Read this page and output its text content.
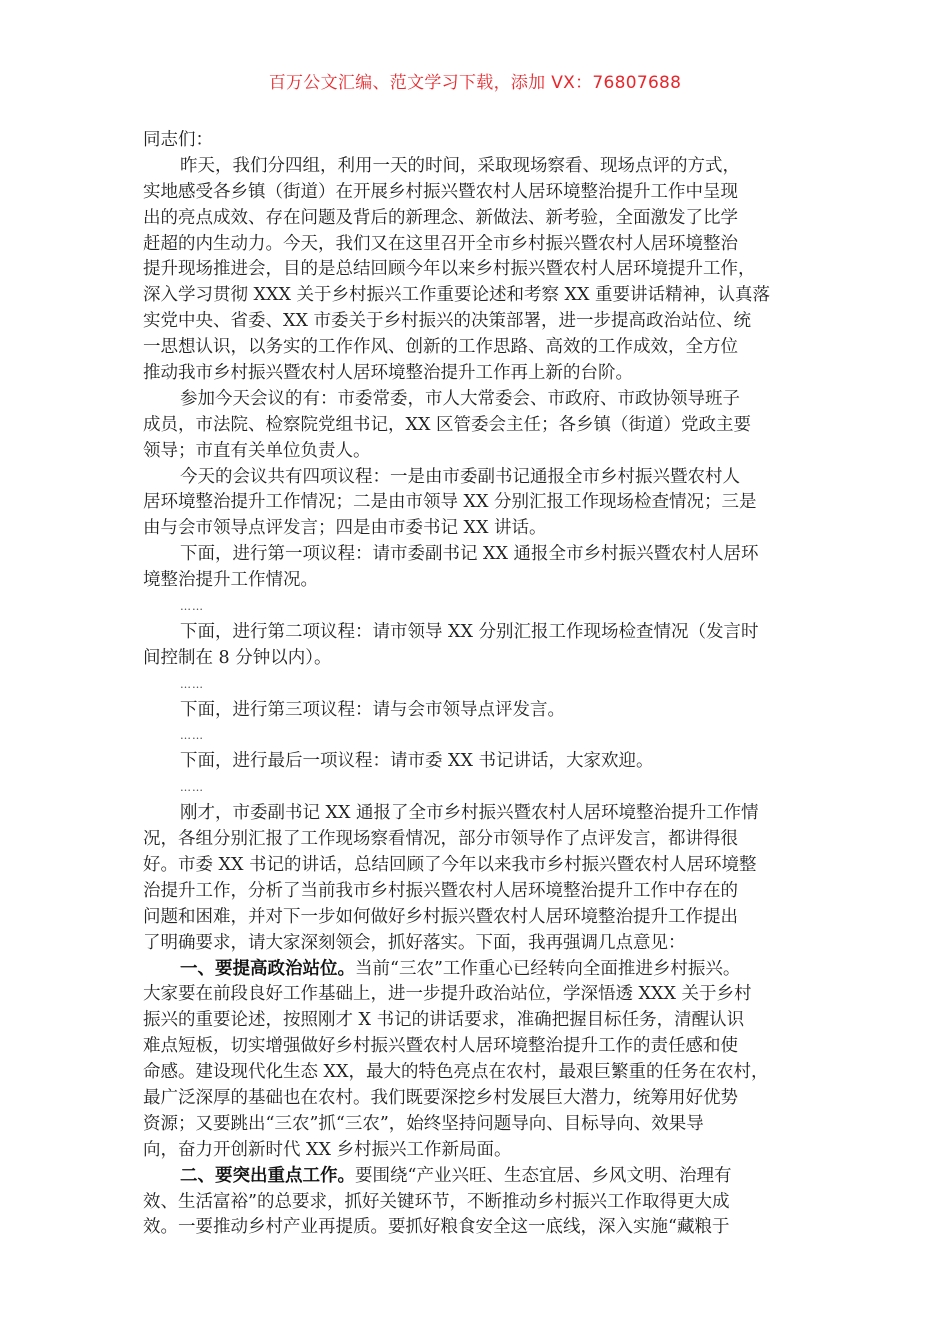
百万公文汇编、范文学习下载，添加 VX：76807688
同志们：
昨天，我们分四组，利用一天的时间，采取现场察看、现场点评的方式，
实地感受各乡镇（街道）在开展乡村振兴暨农村人居环境整治提升工作中呈现
出的亮点成效、存在问题及背后的新理念、新做法、新考验，全面激发了比学
赶超的内生动力。今天，我们又在这里召开全市乡村振兴暨农村人居环境整治
提升现场推进会，目的是总结回顾今年以来乡村振兴暨农村人居环境提升工作，
深入学习贯彻 XXX 关于乡村振兴工作重要论述和考察 XX 重要讲话精神，认真落
实党中央、省委、XX 市委关于乡村振兴的决策部署，进一步提高政治站位、统
一思想认识，以务实的工作作风、创新的工作思路、高效的工作成效，全方位
推动我市乡村振兴暨农村人居环境整治提升工作再上新的台阶。
参加今天会议的有：市委常委，市人大常委会、市政府、市政协领导班子
成员，市法院、检察院党组书记，XX 区管委会主任；各乡镇（街道）党政主要
领导；市直有关单位负责人。
今天的会议共有四项议程：一是由市委副书记通报全市乡村振兴暨农村人
居环境整治提升工作情况；二是由市领导 XX 分别汇报工作现场检查情况；三是
由与会市领导点评发言；四是由市委书记 XX 讲话。
下面，进行第一项议程：请市委副书记 XX 通报全市乡村振兴暨农村人居环
境整治提升工作情况。
……
下面，进行第二项议程：请市领导 XX 分别汇报工作现场检查情况（发言时
间控制在 8 分钟以内）。
……
下面，进行第三项议程：请与会市领导点评发言。
……
下面，进行最后一项议程：请市委 XX 书记讲话，大家欢迎。
……
刚才，市委副书记 XX 通报了全市乡村振兴暨农村人居环境整治提升工作情
况，各组分别汇报了工作现场察看情况，部分市领导作了点评发言，都讲得很
好。市委 XX 书记的讲话，总结回顾了今年以来我市乡村振兴暨农村人居环境整
治提升工作，分析了当前我市乡村振兴暨农村人居环境整治提升工作中存在的
问题和困难，并对下一步如何做好乡村振兴暨农村人居环境整治提升工作提出
了明确要求，请大家深刻领会，抓好落实。下面，我再强调几点意见：
一、要提高政治站位。当前“三农”工作重心已经转向全面推进乡村振兴。
大家要在前段良好工作基础上，进一步提升政治站位，学深悟透 XXX 关于乡村
振兴的重要论述，按照刚才 X 书记的讲话要求，准确把握目标任务，清醒认识
难点短板，切实增强做好乡村振兴暨农村人居环境整治提升工作的责任感和使
命感。建设现代化生态 XX，最大的特色亮点在农村，最艰巨繁重的任务在农村，
最广泛深厚的基础也在农村。我们既要深挖乡村发展巨大潜力，统筹用好优势
资源；又要跳出“三农”抓“三农”，始终坚持问题导向、目标导向、效果导
向，奋力开创新时代 XX 乡村振兴工作新局面。
二、要突出重点工作。要围绕“产业兴旺、生态宜居、乡风文明、治理有
效、生活富裕”的总要求，抓好关键环节，不断推动乡村振兴工作取得更大成
效。一要推动乡村产业再提质。要抓好粮食安全这一底线，深入实施“藏粮于
